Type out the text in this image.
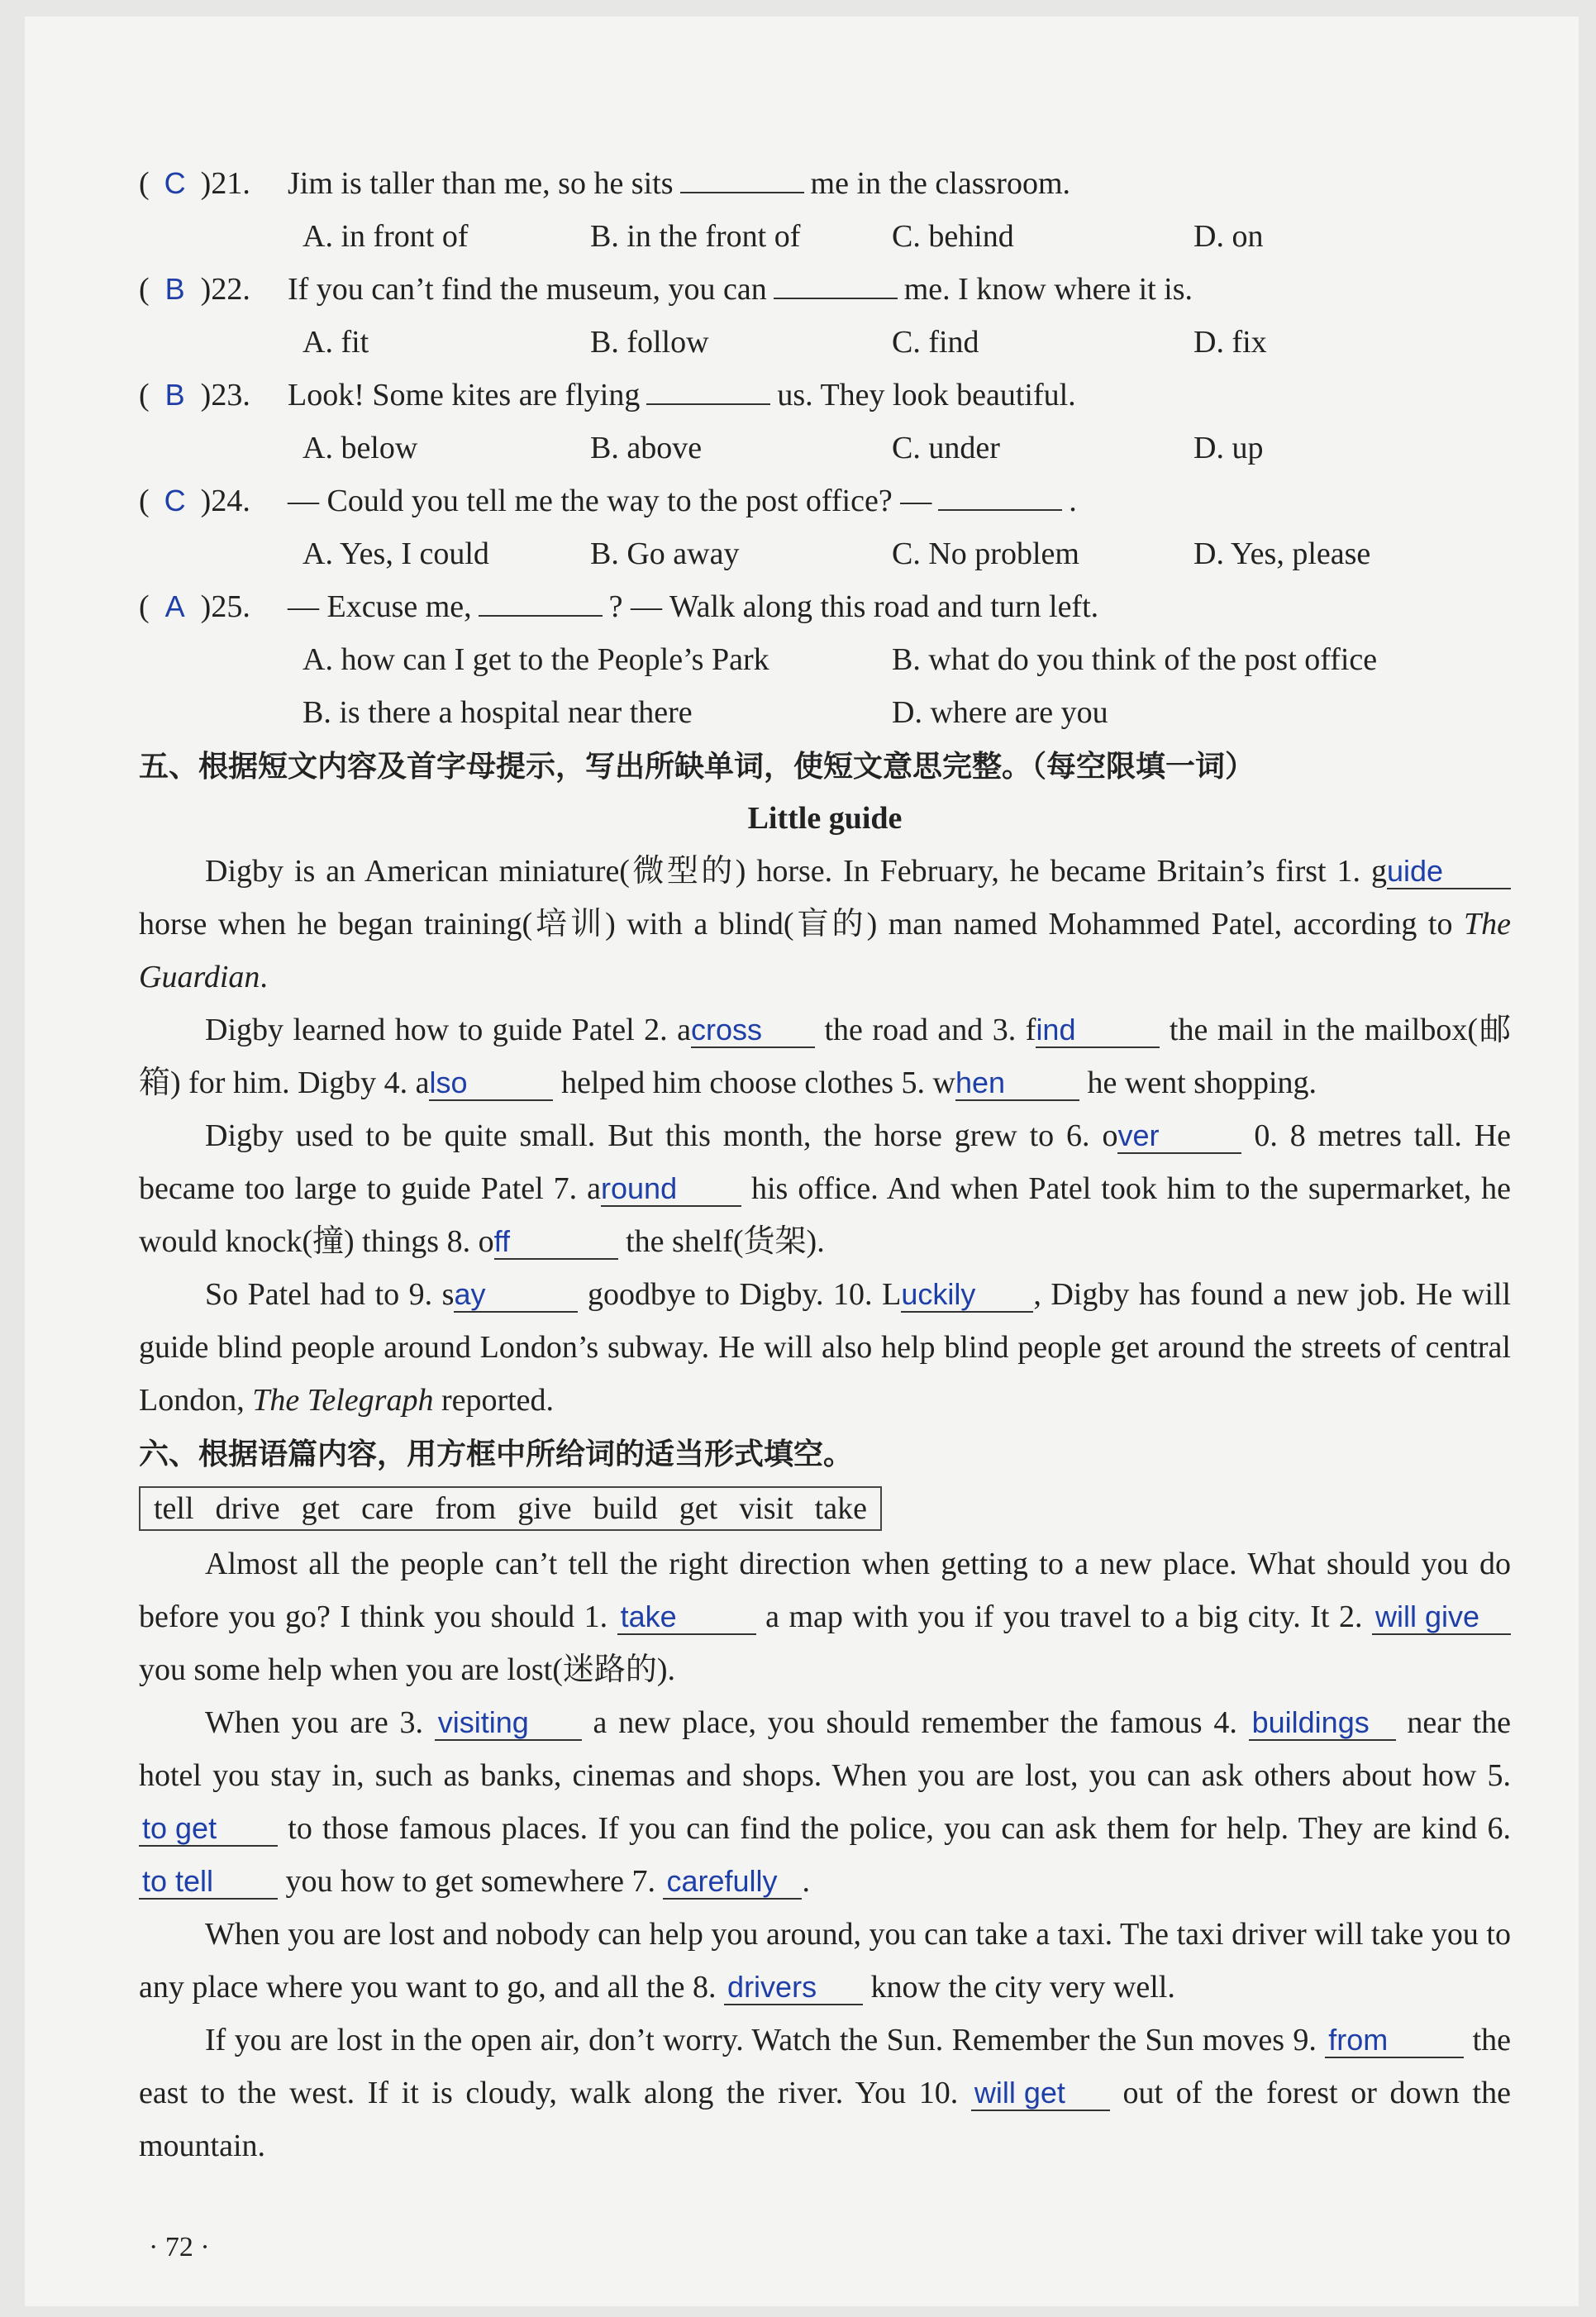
( C )21.	Jim is taller than me, so he sits	me in the classroom.
A. in front of	B. in the front of	C. behind	D. on
( B )22.	If you can’t find the museum, you can	me. I know where it is.
A. fit	B. follow	C. find	D. fix
( B )23.	Look! Some kites are flying	us. They look beautiful.
A. below	B. above	C. under	D. up
( C )24.	— Could you tell me the way to the post office? —	.
A. Yes, I could	B. Go away	C. No problem	D. Yes, please
( A )25.	— Excuse me,	? — Walk along this road and turn left.
A. how can I get to the People’s Park	B. what do you think of the post office
B. is there a hospital near there	D. where are you
五、根据短文内容及首字母提示，写出所缺单词，使短文意思完整。（每空限填一词）
Little guide
Digby is an American miniature(微型的) horse. In February, he became Britain’s first 1. guide horse when he began training(培训) with a blind(盲的) man named Mohammed Patel, according to The Guardian.
Digby learned how to guide Patel 2. across the road and 3. find	the mail in the mailbox(邮箱) for him. Digby 4. also	helped him choose clothes 5. when he went shopping.
Digby used to be quite small. But this month, the horse grew to 6. over	0. 8 metres tall. He became too large to guide Patel 7. around his office. And when Patel took him to the supermarket, he would knock(撞) things 8. off	the shelf(货架).
So Patel had to 9. say	goodbye to Digby. 10. Luckily , Digby has found a new job. He will guide blind people around London’s subway. He will also help blind people get around the streets of central London, The Telegraph reported.
六、根据语篇内容，用方框中所给词的适当形式填空。
tell drive get care from give build get visit take
Almost all the people can’t tell the right direction when getting to a new place. What should you do before you go? I think you should 1. take	a map with you if you travel to a big city. It 2. will give you some help when you are lost(迷路的).
When you are 3. visiting a new place, you should remember the famous 4. buildings near the hotel you stay in, such as banks, cinemas and shops. When you are lost, you can ask others about how 5. to get to those famous places. If you can find the police, you can ask them for help. They are kind 6. to tell you how to get somewhere 7. carefully .
When you are lost and nobody can help you around, you can take a taxi. The taxi driver will take you to any place where you want to go, and all the 8. drivers know the city very well.
If you are lost in the open air, don’t worry. Watch the Sun. Remember the Sun moves 9. from the east to the west. If it is cloudy, walk along the river. You 10. will get out of the forest or down the mountain.
· 72 ·
